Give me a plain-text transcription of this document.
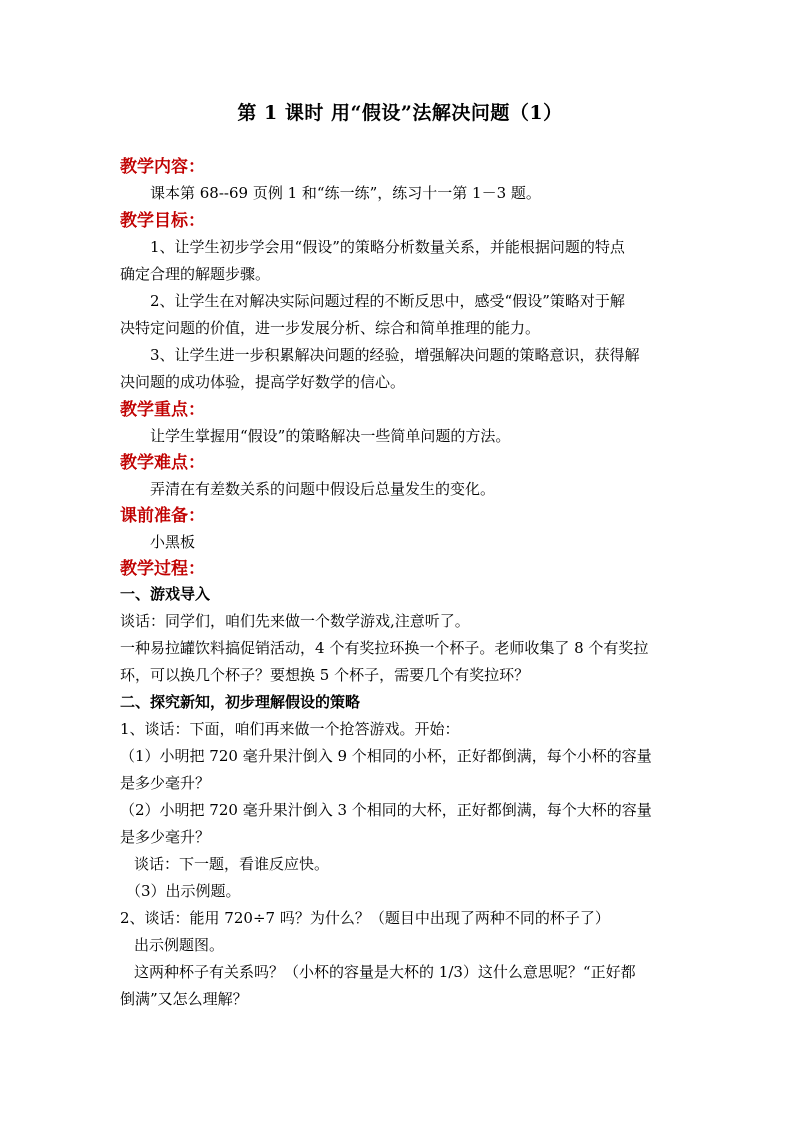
第 1 课时 用“假设”法解决问题（1）
教学内容：
课本第 68--69 页例 1 和“练一练”，练习十一第 1－3 题。
教学目标：
1、让学生初步学会用“假设”的策略分析数量关系，并能根据问题的特点
确定合理的解题步骤。
2、让学生在对解决实际问题过程的不断反思中，感受“假设”策略对于解
决特定问题的价值，进一步发展分析、综合和简单推理的能力。
3、让学生进一步积累解决问题的经验，增强解决问题的策略意识，获得解
决问题的成功体验，提高学好数学的信心。
教学重点：
让学生掌握用“假设”的策略解决一些简单问题的方法。
教学难点：
弄清在有差数关系的问题中假设后总量发生的变化。
课前准备：
小黑板
教学过程：
一、游戏导入
谈话：同学们，咱们先来做一个数学游戏,注意听了。
一种易拉罐饮料搞促销活动，4 个有奖拉环换一个杯子。老师收集了 8 个有奖拉
环，可以换几个杯子？要想换 5 个杯子，需要几个有奖拉环？
二、探究新知，初步理解假设的策略
1、谈话：下面，咱们再来做一个抢答游戏。开始：
（1）小明把 720 毫升果汁倒入 9 个相同的小杯，正好都倒满，每个小杯的容量
是多少毫升？
（2）小明把 720 毫升果汁倒入 3 个相同的大杯，正好都倒满，每个大杯的容量
是多少毫升？
谈话：下一题，看谁反应快。
（3）出示例题。
2、谈话：能用 720÷7 吗？为什么？（题目中出现了两种不同的杯子了）
出示例题图。
这两种杯子有关系吗？（小杯的容量是大杯的 1/3）这什么意思呢？“正好都
倒满”又怎么理解？
